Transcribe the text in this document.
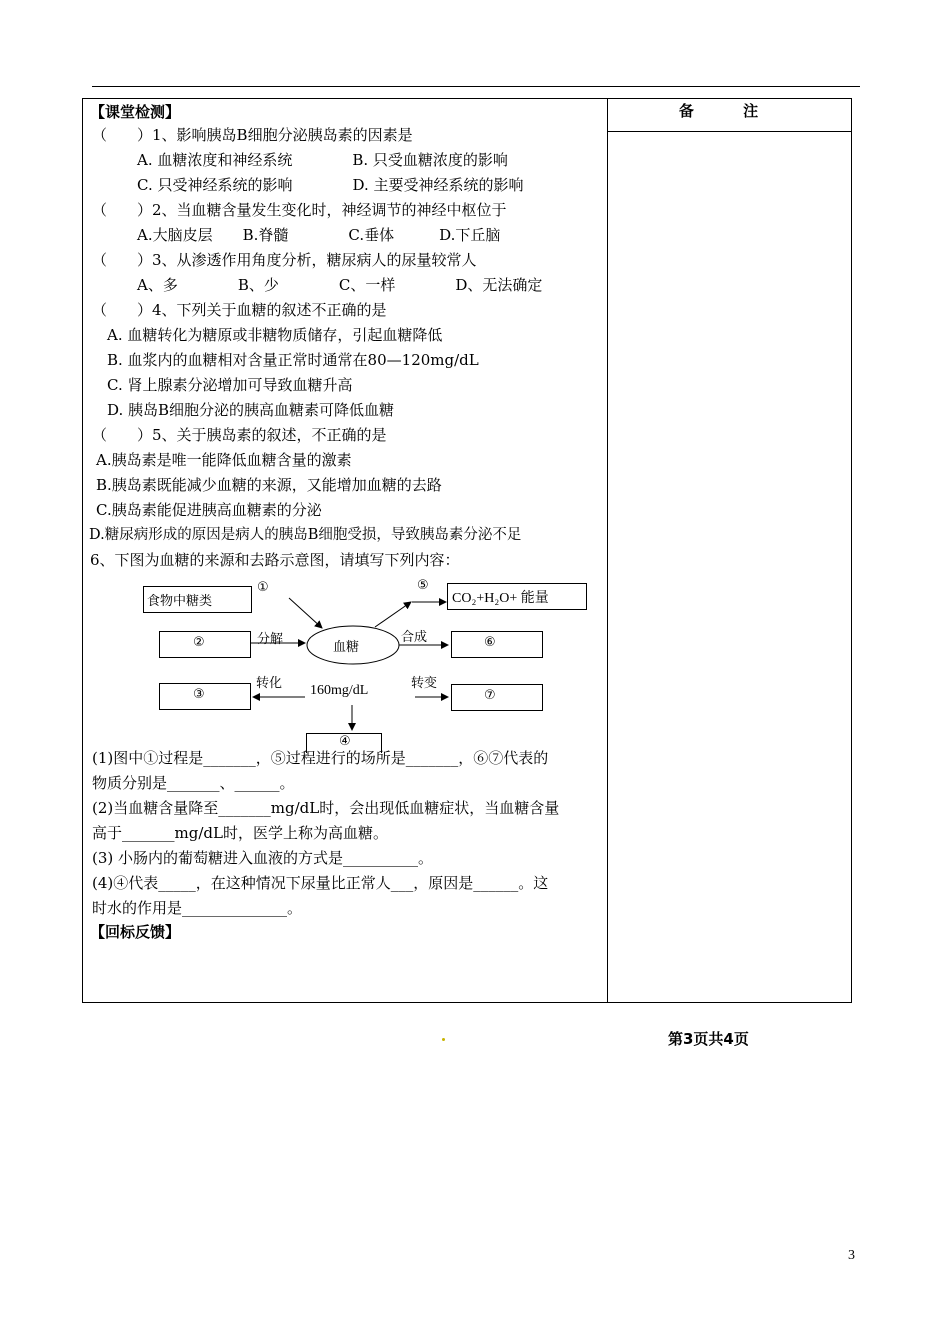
备 注
【课堂检测】
（　　）1、影响胰岛B细胞分泌胰岛素的因素是
　　　A. 血糖浓度和神经系统　　　　B. 只受血糖浓度的影响
　　　C. 只受神经系统的影响　　　　D. 主要受神经系统的影响
（　　）2、当血糖含量发生变化时，神经调节的神经中枢位于
　　　A.大脑皮层　　B.脊髓　　　　C.垂体　　　D.下丘脑
（　　）3、从渗透作用角度分析，糖尿病人的尿量较常人
　　　A、多　　　　B、少　　　　C、一样　　　　D、无法确定
（　　）4、下列关于血糖的叙述不正确的是
　A. 血糖转化为糖原或非糖物质储存，引起血糖降低
　B. 血浆内的血糖相对含量正常时通常在80—120mg/dL
　C. 肾上腺素分泌增加可导致血糖升高
　D. 胰岛B细胞分泌的胰高血糖素可降低血糖
（　　）5、关于胰岛素的叙述，不正确的是
A.胰岛素是唯一能降低血糖含量的激素
B.胰岛素既能减少血糖的来源，又能增加血糖的去路
C.胰岛素能促进胰高血糖素的分泌
D.糖尿病形成的原因是病人的胰岛B细胞受损，导致胰岛素分泌不足
6、下图为血糖的来源和去路示意图，请填写下列内容：
食物中糖类
①
②	分解
③
转化
血糖
160mg/dL
⑤
CO₂+H₂O+ 能量
合成	⑥
转变
⑦
④
(1)图中①过程是_______，⑤过程进行的场所是_______，⑥⑦代表的
物质分别是_______、______。
(2)当血糖含量降至_______mg/dL时，会出现低血糖症状，当血糖含量
高于_______mg/dL时，医学上称为高血糖。
(3) 小肠内的葡萄糖进入血液的方式是__________。
(4)④代表_____，在这种情况下尿量比正常人___，原因是______。这
时水的作用是______________。
【回标反馈】
第3页共4页
3
